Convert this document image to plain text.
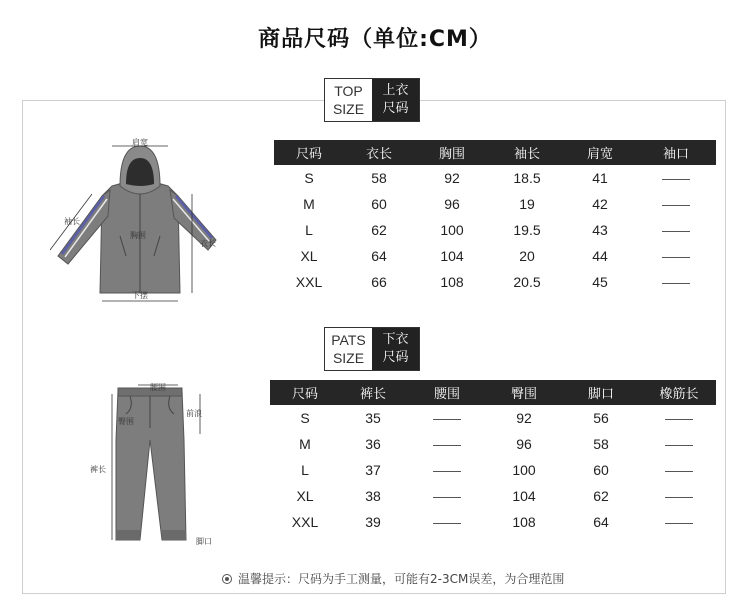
商品尺码（单位:CM）
TOP
SIZE
上衣
尺码
肩宽
袖长
胸围
衣长
下摆
尺码	衣长	胸围	袖长	肩宽	袖口
S	58	92	18.5	41	
M	60	96	19	42	
L	62	100	19.5	43	
XL	64	104	20	44	
XXL	66	108	20.5	45	
PATS
SIZE
下衣
尺码
腰围
臀围
前浪
裤长
脚口
尺码	裤长	腰围	臀围	脚口	橡筋长
S	35		92	56	
M	36		96	58	
L	37		100	60	
XL	38		104	62	
XXL	39		108	64	
温馨提示：尺码为手工测量，可能有2-3CM误差，为合理范围
